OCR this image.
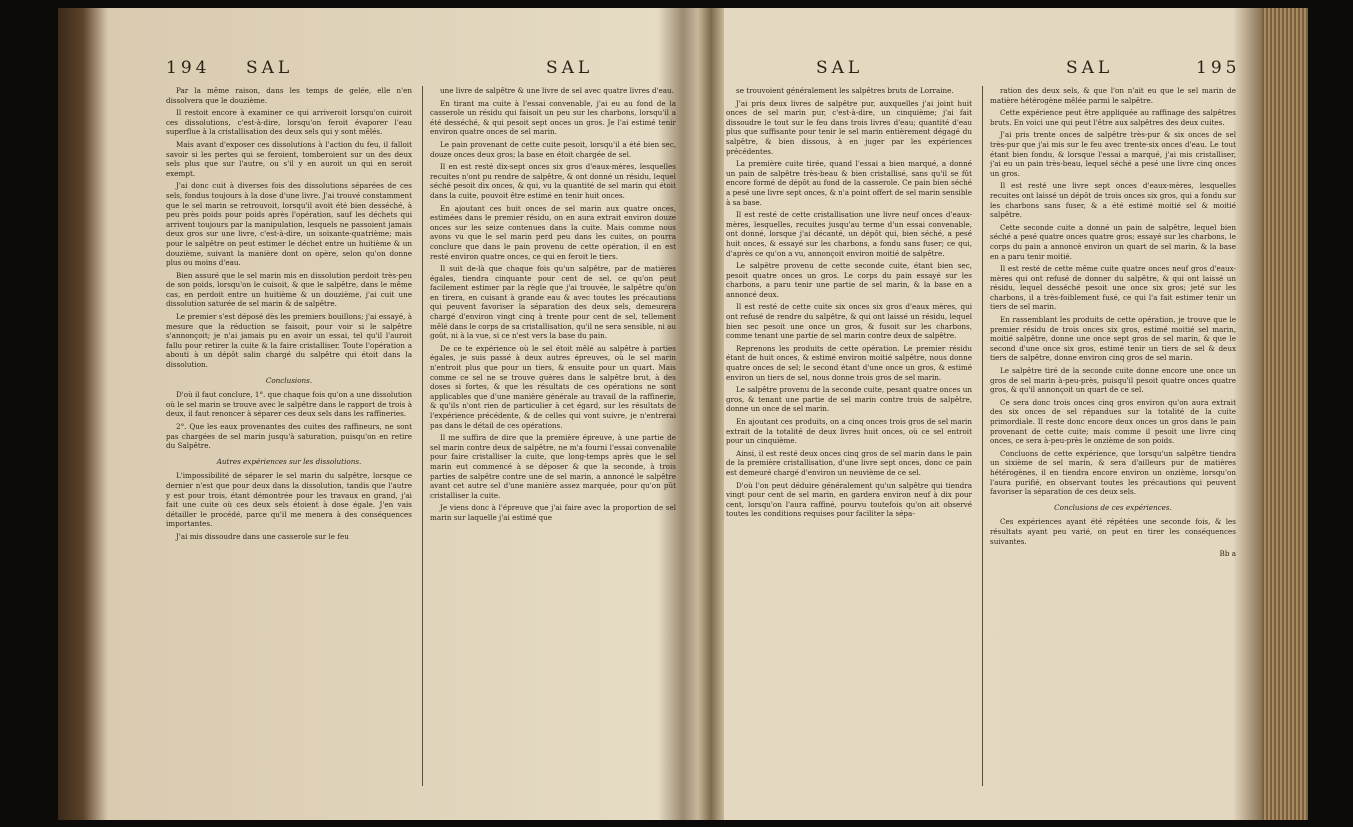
194 SAL	SAL

Par la même raison, dans les temps de gelée, elle n'en dissolvera que le douzième.

Il restoit encore à examiner ce qui arriveroit lorsqu'on cuiroit ces dissolutions, c'est-à-dire, lorsqu'on feroit évaporer l'eau superflue à la cristallisation des deux sels qui y sont mêlés.

Mais avant d'exposer ces dissolutions à l'action du feu, il falloit savoir si les pertes qui se feroient, tomberoient sur un des deux sels plus que sur l'autre, ou s'il y en auroit un qui en seroit exempt.

J'ai donc cuit à diverses fois des dissolutions séparées de ces sels, fondus toujours à la dose d'une livre. J'ai trouvé constamment que le sel marin se retrouvoit, lorsqu'il avoit été bien desséché, à peu près poids pour poids après l'opération, sauf les déchets qui arrivent toujours par la manipulation, lesquels ne passoient jamais deux gros sur une livre, c'est-à-dire, un soixante-quatrième; mais pour le salpêtre on peut estimer le déchet entre un huitième & un douzième, suivant la manière dont on opère, selon qu'on donne plus ou moins d'eau.

Bien assuré que le sel marin mis en dissolution perdoit très-peu de son poids, lorsqu'on le cuisoit, & que le salpêtre, dans le même cas, en perdoit entre un huitième & un douzième, j'ai cuit une dissolution saturée de sel marin & de salpêtre.

Le premier s'est déposé dès les premiers bouillons; j'ai essayé, à mesure que la réduction se faisoit, pour voir si le salpêtre s'annonçoit; je n'ai jamais pu en avoir un essai, tel qu'il l'auroit fallu pour retirer la cuite & la faire cristalliser. Toute l'opération a abouti à un dépôt salin chargé du salpêtre qui étoit dans la dissolution.

Conclusions.

D'où il faut conclure, 1°. que chaque fois qu'on a une dissolution où le sel marin se trouve avec le salpêtre dans le rapport de trois à deux, il faut renoncer à séparer ces deux sels dans les raffineries.

2°. Que les eaux provenantes des cuites des raffineurs, ne sont pas chargées de sel marin jusqu'à saturation, puisqu'on en retire du Salpêtre.

Autres expériences sur les dissolutions.

L'impossibilité de séparer le sel marin du salpêtre, lorsque ce dernier n'est que pour deux dans la dissolution, tandis que l'autre y est pour trois, étant démontrée pour les travaux en grand, j'ai fait une cuite où ces deux sels étoient à dose égale. J'en vais détailler le procédé, parce qu'il me menera à des conséquences importantes.

J'ai mis dissoudre dans une casserole sur le feu

une livre de salpêtre & une livre de sel avec quatre livres d'eau.

En tirant ma cuite à l'essai convenable, j'ai eu au fond de la casserole un résidu qui faisoit un peu sur les charbons, lorsqu'il a été desséché, & qui pesoit sept onces un gros. Je l'ai estimé tenir environ quatre onces de sel marin.

Le pain provenant de cette cuite pesoit, lorsqu'il a été bien sec, douze onces deux gros; la base en étoit chargée de sel.

Il en est resté dix-sept onces six gros d'eaux-mères, lesquelles recuites n'ont pu rendre de salpêtre, & ont donné un résidu, lequel séché pesoit dix onces, & qui, vu la quantité de sel marin qui étoit dans la cuite, pouvoit être estimé en tenir huit onces.

En ajoutant ces huit onces de sel marin aux quatre onces, estimées dans le premier résidu, on en aura extrait environ douze onces sur les seize contenues dans la cuite. Mais comme nous avons vu que le sel marin perd peu dans les cuites, on pourra conclure que dans le pain provenu de cette opération, il en est resté environ quatre onces, ce qui en feroit le tiers.

Il suit de-là que chaque fois qu'un salpêtre, par de matières égales, tiendra cinquante pour cent de sel, ce qu'on peut facilement estimer par la règle que j'ai trouvée, le salpêtre qu'on en tirera, en cuisant à grande eau & avec toutes les précautions qui peuvent favoriser la séparation des deux sels, demeurera chargé d'environ vingt cinq à trente pour cent de sel, tellement mêlé dans le corps de sa cristallisation, qu'il ne sera sensible, ni au goût, ni à la vue, si ce n'est vers la base du pain.

De ce te expérience où le sel étoit mêlé au salpêtre à parties égales, je suis passé à deux autres épreuves, où le sel marin n'entroit plus que pour un tiers, & ensuite pour un quart. Mais comme ce sel ne se trouve guères dans le salpêtre brut, à des doses si fortes, & que les résultats de ces opérations ne sont applicables que d'une manière générale au travail de la raffinerie, & qu'ils n'ont rien de particulier à cet égard, sur les résultats de l'expérience précédente, & de celles qui vont suivre, je n'entrerai pas dans le détail de ces opérations.

Il me suffira de dire que la première épreuve, à une partie de sel marin contre deux de salpêtre, ne m'a fourni l'essai convenable pour faire cristalliser la cuite, que long-temps après que le sel marin eut commencé à se déposer & que la seconde, à trois parties de salpêtre contre une de sel marin, a annoncé le salpêtre avant cet autre sel d'une manière assez marquée, pour qu'on pût cristalliser la cuite.

Je viens donc à l'épreuve que j'ai faire avec la proportion de sel marin sur laquelle j'ai estimé que

SAL	SAL	195

se trouvoient généralement les salpêtres bruts de Lorraine.

J'ai pris deux livres de salpêtre pur, auxquelles j'ai joint huit onces de sel marin pur, c'est-à-dire, un cinquième; j'ai fait dissoudre le tout sur le feu dans trois livres d'eau; quantité d'eau plus que suffisante pour tenir le sel marin entièrement dégagé du salpêtre, & bien dissous, à en juger par les expériences précédentes.

La première cuite tirée, quand l'essai a bien marqué, a donné un pain de salpêtre très-beau & bien cristallisé, sans qu'il se fût encore formé de dépôt au fond de la casserole. Ce pain bien séché a pesé une livre sept onces, & n'a point offert de sel marin sensible à sa base.

Il est resté de cette cristallisation une livre neuf onces d'eaux-mères, lesquelles, recuites jusqu'au terme d'un essai convenable, ont donné, lorsque j'ai décanté, un dépôt qui, bien séché, a pesé huit onces, & essayé sur les charbons, a fondu sans fuser; ce qui, d'après ce qu'on a vu, annonçoit environ moitié de salpêtre.

Le salpêtre provenu de cette seconde cuite, étant bien sec, pesoit quatre onces un gros. Le corps du pain essayé sur les charbons, a paru tenir une partie de sel marin, & la base en a annoncé deux.

Il est resté de cette cuite six onces six gros d'eaux mères, qui ont refusé de rendre du salpêtre, & qui ont laissé un résidu, lequel bien sec pesoit une once un gros, & fusoit sur les charbons, comme tenant une partie de sel marin contre deux de salpêtre.

Reprenons les produits de cette opération. Le premier résidu étant de huit onces, & estimé environ moitié salpêtre, nous donne quatre onces de sel; le second étant d'une once un gros, & estimé environ un tiers de sel, nous donne trois gros de sel marin.

Le salpêtre provenu de la seconde cuite, pesant quatre onces un gros, & tenant une partie de sel marin contre trois de salpêtre, donne un once de sel marin.

En ajoutant ces produits, on a cinq onces trois gros de sel marin extrait de la totalité de deux livres huit onces, où ce sel entroit pour un cinquième.

Ainsi, il est resté deux onces cinq gros de sel marin dans le pain de la première cristallisation, d'une livre sept onces, donc ce pain est demeuré chargé d'environ un neuvième de ce sel.

D'où l'on peut déduire généralement qu'un salpêtre qui tiendra vingt pour cent de sel marin, en gardera environ neuf à dix pour cent, lorsqu'on l'aura raffiné, pourvu toutefois qu'on ait observé toutes les conditions requises pour faciliter la sépa-

ration des deux sels, & que l'on n'ait eu que le sel marin de matière hétérogène mêlée parmi le salpêtre.

Cette expérience peut être appliquée au raffinage des salpêtres bruts. En voici une qui peut l'être aux salpêtres des deux cuites.

J'ai pris trente onces de salpêtre très-pur & six onces de sel très-pur que j'ai mis sur le feu avec trente-six onces d'eau. Le tout étant bien fondu, & lorsque l'essai a marqué, j'ai mis cristalliser, j'ai eu un pain très-beau, lequel séché a pesé une livre cinq onces un gros.

Il est resté une livre sept onces d'eaux-mères, lesquelles recuites ont laissé un dépôt de trois onces six gros, qui a fondu sur les charbons sans fuser, & a été estimé moitié sel & moitié salpêtre.

Cette seconde cuite a donné un pain de salpêtre, lequel bien séché a pesé quatre onces quatre gros; essayé sur les charbons, le corps du pain a annoncé environ un quart de sel marin, & la base en a paru tenir moitié.

Il est resté de cette même cuite quatre onces neuf gros d'eaux-mères qui ont refusé de donner du salpêtre, & qui ont laissé un résidu, lequel desséché pesoit une once six gros; jeté sur les charbons, il a très-foiblement fusé, ce qui l'a fait estimer tenir un tiers de sel marin.

En rassemblant les produits de cette opération, je trouve que le premier résidu de trois onces six gros, estimé moitié sel marin, moitié salpêtre, donne une once sept gros de sel marin, & que le second d'une once six gros, estimé tenir un tiers de sel & deux tiers de salpêtre, donne environ cinq gros de sel marin.

Le salpêtre tiré de la seconde cuite donne encore une once un gros de sel marin à-peu-près, puisqu'il pesoit quatre onces quatre gros, & qu'il annonçoit un quart de ce sel.

Ce sera donc trois onces cinq gros environ qu'on aura extrait des six onces de sel répandues sur la totalité de la cuite primordiale. Il reste donc encore deux onces un gros dans le pain provenant de cette cuite; mais comme il pesoit une livre cinq onces, ce sera à-peu-près le onzième de son poids.

Concluons de cette expérience, que lorsqu'un salpêtre tiendra un sixième de sel marin, & sera d'ailleurs pur de matières hétérogènes, il en tiendra encore environ un onzième, lorsqu'on l'aura purifié, en observant toutes les précautions qui peuvent favoriser la séparation de ces deux sels.

Conclusions de ces expériences.

Ces expériences ayant été répétées une seconde fois, & les résultats ayant peu varié, on peut en tirer les conséquences suivantes.

Bb a
